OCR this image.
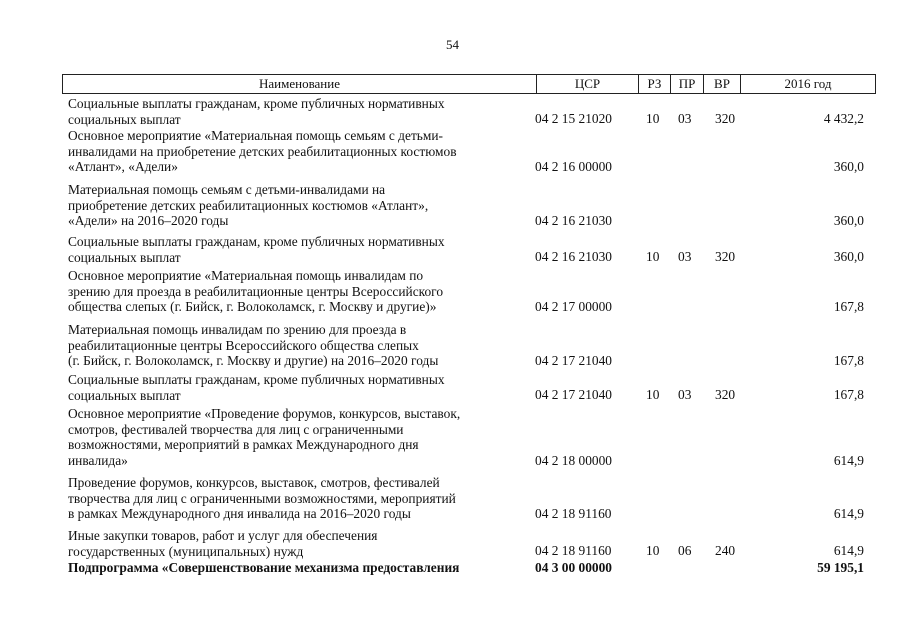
54
Наименование	ЦСР	РЗ	ПР	ВР	2016 год
Социальные выплаты гражданам, кроме публичных нормативных
социальных выплат	04 2 15 21020	10 03 320	4 432,2
Основное мероприятие «Материальная помощь семьям с детьми-
инвалидами на приобретение детских реабилитационных костюмов
«Атлант», «Адели»	04 2 16 00000	360,0
Материальная помощь семьям с детьми-инвалидами на
приобретение детских реабилитационных костюмов «Атлант»,
«Адели» на 2016–2020 годы	04 2 16 21030	360,0
Социальные выплаты гражданам, кроме публичных нормативных
социальных выплат	04 2 16 21030	10 03 320	360,0
Основное мероприятие «Материальная помощь инвалидам по
зрению для проезда в реабилитационные центры Всероссийского
общества слепых (г. Бийск, г. Волоколамск, г. Москву и другие)»	04 2 17 00000	167,8
Материальная помощь инвалидам по зрению для проезда в
реабилитационные центры Всероссийского общества слепых
(г. Бийск, г. Волоколамск, г. Москву и другие) на 2016–2020 годы	04 2 17 21040	167,8
Социальные выплаты гражданам, кроме публичных нормативных
социальных выплат	04 2 17 21040	10 03 320	167,8
Основное мероприятие «Проведение форумов, конкурсов, выставок,
смотров, фестивалей творчества для лиц с ограниченными
возможностями, мероприятий в рамках Международного дня
инвалида»	04 2 18 00000	614,9
Проведение форумов, конкурсов, выставок, смотров, фестивалей
творчества для лиц с ограниченными возможностями, мероприятий
в рамках Международного дня инвалида на 2016–2020 годы	04 2 18 91160	614,9
Иные закупки товаров, работ и услуг для обеспечения
государственных (муниципальных) нужд	04 2 18 91160	10 06 240	614,9
Подпрограмма «Совершенствование механизма предоставления	04 3 00 00000	59 195,1
